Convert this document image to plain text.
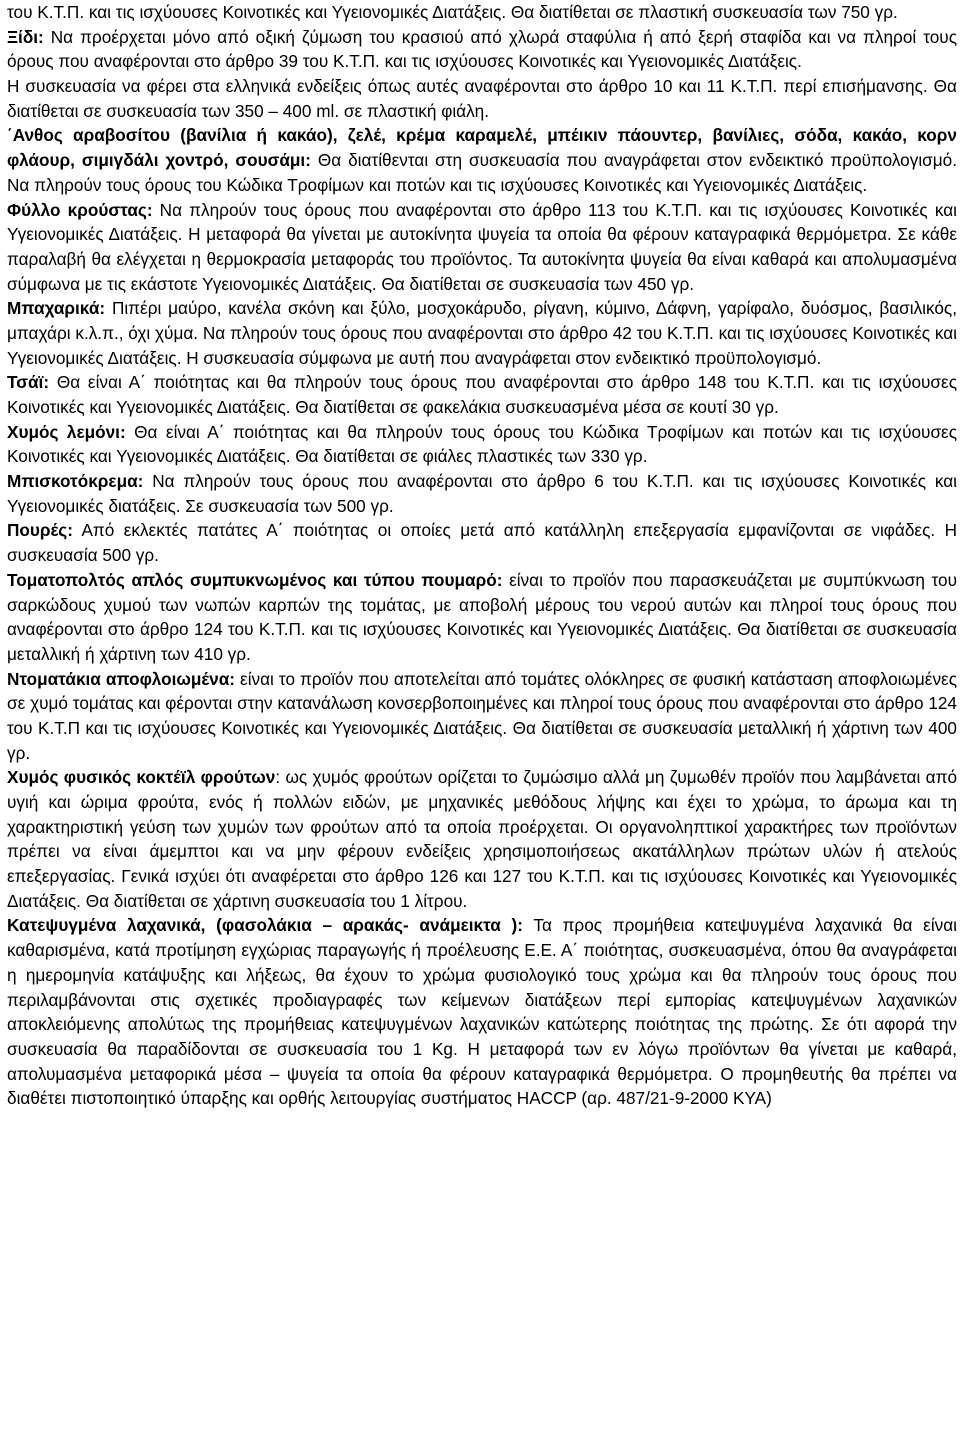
του Κ.Τ.Π. και τις ισχύουσες Κοινοτικές και Υγειονομικές Διατάξεις. Θα διατίθεται σε πλαστική συσκευασία των 750 γρ.

Ξίδι: Να προέρχεται μόνο από οξική ζύμωση του κρασιού από χλωρά σταφύλια ή από ξερή σταφίδα και να πληροί τους όρους που αναφέρονται στο άρθρο 39 του Κ.Τ.Π. και τις ισχύουσες Κοινοτικές και Υγειονομικές Διατάξεις.

Η συσκευασία να φέρει στα ελληνικά ενδείξεις όπως αυτές αναφέρονται στο άρθρο 10 και 11 Κ.Τ.Π. περί επισήμανσης. Θα διατίθεται σε συσκευασία των 350 – 400 ml. σε πλαστική φιάλη.

΄Ανθος αραβοσίτου (βανίλια ή κακάο), ζελέ, κρέμα καραμελέ, μπέικιν πάουντερ, βανίλιες, σόδα, κακάο, κορν φλάουρ, σιμιγδάλι χοντρό, σουσάμι: Θα διατίθενται στη συσκευασία που αναγράφεται στον ενδεικτικό προϋπολογισμό. Να πληρούν τους όρους του Κώδικα Τροφίμων και ποτών και τις ισχύουσες Κοινοτικές και Υγειονομικές Διατάξεις.

Φύλλο κρούστας: Να πληρούν τους όρους που αναφέρονται στο άρθρο 113 του Κ.Τ.Π. και τις ισχύουσες Κοινοτικές και Υγειονομικές Διατάξεις. Η μεταφορά θα γίνεται με αυτοκίνητα ψυγεία τα οποία θα φέρουν καταγραφικά θερμόμετρα. Σε κάθε παραλαβή θα ελέγχεται η θερμοκρασία μεταφοράς του προϊόντος. Τα αυτοκίνητα ψυγεία θα είναι καθαρά και απολυμασμένα σύμφωνα με τις εκάστοτε Υγειονομικές Διατάξεις. Θα διατίθεται σε συσκευασία των 450 γρ.

Μπαχαρικά: Πιπέρι μαύρο, κανέλα σκόνη και ξύλο, μοσχοκάρυδο, ρίγανη, κύμινο, Δάφνη, γαρίφαλο, δυόσμος, βασιλικός, μπαχάρι κ.λ.π., όχι χύμα. Να πληρούν τους όρους που αναφέρονται στο άρθρο 42 του Κ.Τ.Π. και τις ισχύουσες Κοινοτικές και Υγειονομικές Διατάξεις. Η συσκευασία σύμφωνα με αυτή που αναγράφεται στον ενδεικτικό προϋπολογισμό.

Τσάϊ: Θα είναι Α΄ ποιότητας και θα πληρούν τους όρους που αναφέρονται στο άρθρο 148 του Κ.Τ.Π. και τις ισχύουσες Κοινοτικές και Υγειονομικές Διατάξεις. Θα διατίθεται σε φακελάκια συσκευασμένα μέσα σε κουτί 30 γρ.

Χυμός λεμόνι: Θα είναι Α΄ ποιότητας και θα πληρούν τους όρους του Κώδικα Τροφίμων και ποτών και τις ισχύουσες Κοινοτικές και Υγειονομικές Διατάξεις. Θα διατίθεται σε φιάλες πλαστικές των 330 γρ.

Μπισκοτόκρεμα: Να πληρούν τους όρους που αναφέρονται στο άρθρο 6 του Κ.Τ.Π. και τις ισχύουσες Κοινοτικές και Υγειονομικές διατάξεις. Σε συσκευασία των 500 γρ.

Πουρές: Από εκλεκτές πατάτες Α΄ ποιότητας οι οποίες μετά από κατάλληλη επεξεργασία εμφανίζονται σε νιφάδες. Η συσκευασία 500 γρ.

Τοματοπολτός απλός συμπυκνωμένος και τύπου πουμαρό: είναι το προϊόν που παρασκευάζεται με συμπύκνωση του σαρκώδους χυμού των νωπών καρπών της τομάτας, με αποβολή μέρους του νερού αυτών και πληροί τους όρους που αναφέρονται στο άρθρο 124 του Κ.Τ.Π. και τις ισχύουσες Κοινοτικές και Υγειονομικές Διατάξεις. Θα διατίθεται σε συσκευασία μεταλλική ή χάρτινη των 410 γρ.

Ντοματάκια αποφλοιωμένα: είναι το προϊόν που αποτελείται από τομάτες ολόκληρες σε φυσική κατάσταση αποφλοιωμένες σε χυμό τομάτας και φέρονται στην κατανάλωση κονσερβοποιημένες και πληροί τους όρους που αναφέρονται στο άρθρο 124 του Κ.Τ.Π και τις ισχύουσες Κοινοτικές και Υγειονομικές Διατάξεις. Θα διατίθεται σε συσκευασία μεταλλική ή χάρτινη των 400 γρ.

Χυμός φυσικός κοκτέϊλ φρούτων: ως χυμός φρούτων ορίζεται το ζυμώσιμο αλλά μη ζυμωθέν προϊόν που λαμβάνεται από υγιή και ώριμα φρούτα, ενός ή πολλών ειδών, με μηχανικές μεθόδους λήψης και έχει το χρώμα, το άρωμα και τη χαρακτηριστική γεύση των χυμών των φρούτων από τα οποία προέρχεται. Οι οργανοληπτικοί χαρακτήρες των προϊόντων πρέπει να είναι άμεμπτοι και να μην φέρουν ενδείξεις χρησιμοποιήσεως ακατάλληλων πρώτων υλών ή ατελούς επεξεργασίας. Γενικά ισχύει ότι αναφέρεται στο άρθρο 126 και 127 του Κ.Τ.Π. και τις ισχύουσες Κοινοτικές και Υγειονομικές Διατάξεις. Θα διατίθεται σε χάρτινη συσκευασία του 1 λίτρου.

Κατεψυγμένα λαχανικά, (φασολάκια – αρακάς- ανάμεικτα ): Τα προς προμήθεια κατεψυγμένα λαχανικά θα είναι καθαρισμένα, κατά προτίμηση εγχώριας παραγωγής ή προέλευσης Ε.Ε. Α΄ ποιότητας, συσκευασμένα, όπου θα αναγράφεται η ημερομηνία κατάψυξης και λήξεως, θα έχουν το χρώμα φυσιολογικό τους χρώμα και θα πληρούν τους όρους που περιλαμβάνονται στις σχετικές προδιαγραφές των κείμενων διατάξεων περί εμπορίας κατεψυγμένων λαχανικών αποκλειόμενης απολύτως της προμήθειας κατεψυγμένων λαχανικών κατώτερης ποιότητας της πρώτης. Σε ότι αφορά την συσκευασία θα παραδίδονται σε συσκευασία του 1 Kg. Η μεταφορά των εν λόγω προϊόντων θα γίνεται με καθαρά, απολυμασμένα μεταφορικά μέσα – ψυγεία τα οποία θα φέρουν καταγραφικά θερμόμετρα. Ο προμηθευτής θα πρέπει να διαθέτει πιστοποιητικό ύπαρξης και ορθής λειτουργίας συστήματος HACCP (αρ. 487/21-9-2000 ΚΥΑ)
